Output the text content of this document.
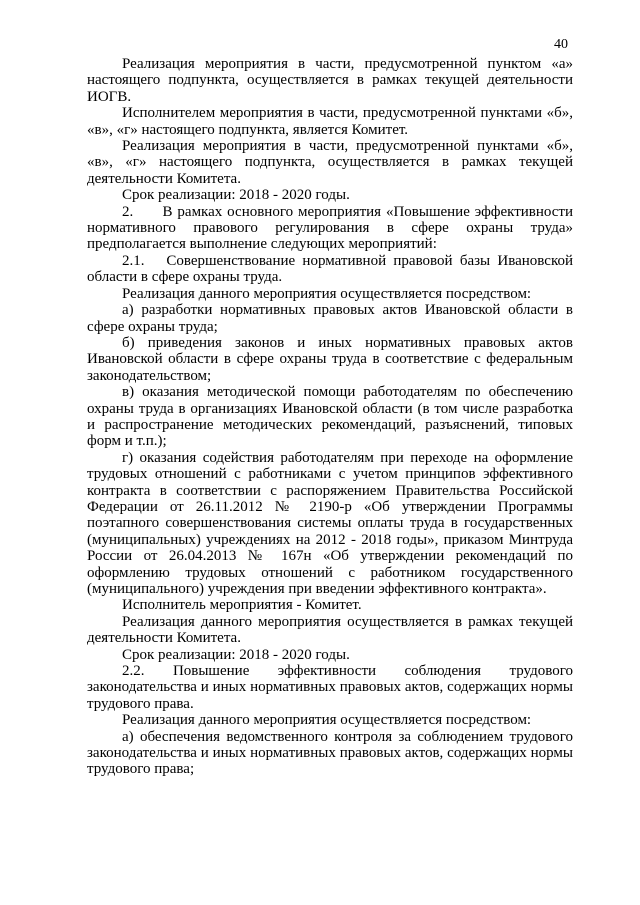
40

Реализация мероприятия в части, предусмотренной пунктом «а» настоящего подпункта, осуществляется в рамках текущей деятельности ИОГВ.

Исполнителем мероприятия в части, предусмотренной пунктами «б», «в», «г» настоящего подпункта, является Комитет.

Реализация мероприятия в части, предусмотренной пунктами «б», «в», «г» настоящего подпункта, осуществляется в рамках текущей деятельности Комитета.

Срок реализации: 2018 - 2020 годы.

2.      В рамках основного мероприятия «Повышение эффективности нормативного правового регулирования в сфере охраны труда» предполагается выполнение следующих мероприятий:

2.1.   Совершенствование нормативной правовой базы Ивановской области в сфере охраны труда.

Реализация данного мероприятия осуществляется посредством:

а) разработки нормативных правовых актов Ивановской области в сфере охраны труда;

б) приведения законов и иных нормативных правовых актов Ивановской области в сфере охраны труда в соответствие с федеральным законодательством;

в) оказания методической помощи работодателям по обеспечению охраны труда в организациях Ивановской области (в том числе разработка и распространение методических рекомендаций, разъяснений, типовых форм и т.п.);

г) оказания содействия работодателям при переходе на оформление трудовых отношений с работниками с учетом принципов эффективного контракта в соответствии с распоряжением Правительства Российской Федерации от 26.11.2012 № 2190-р «Об утверждении Программы поэтапного совершенствования системы оплаты труда в государственных (муниципальных) учреждениях на 2012 - 2018 годы», приказом Минтруда России от 26.04.2013 № 167н «Об утверждении рекомендаций по оформлению трудовых отношений с работником государственного (муниципального) учреждения при введении эффективного контракта».

Исполнитель мероприятия - Комитет.

Реализация данного мероприятия осуществляется в рамках текущей деятельности Комитета.

Срок реализации: 2018 - 2020 годы.

2.2. Повышение эффективности соблюдения трудового законодательства и иных нормативных правовых актов, содержащих нормы трудового права.

Реализация данного мероприятия осуществляется посредством:

а) обеспечения ведомственного контроля за соблюдением трудового законодательства и иных нормативных правовых актов, содержащих нормы трудового права;
